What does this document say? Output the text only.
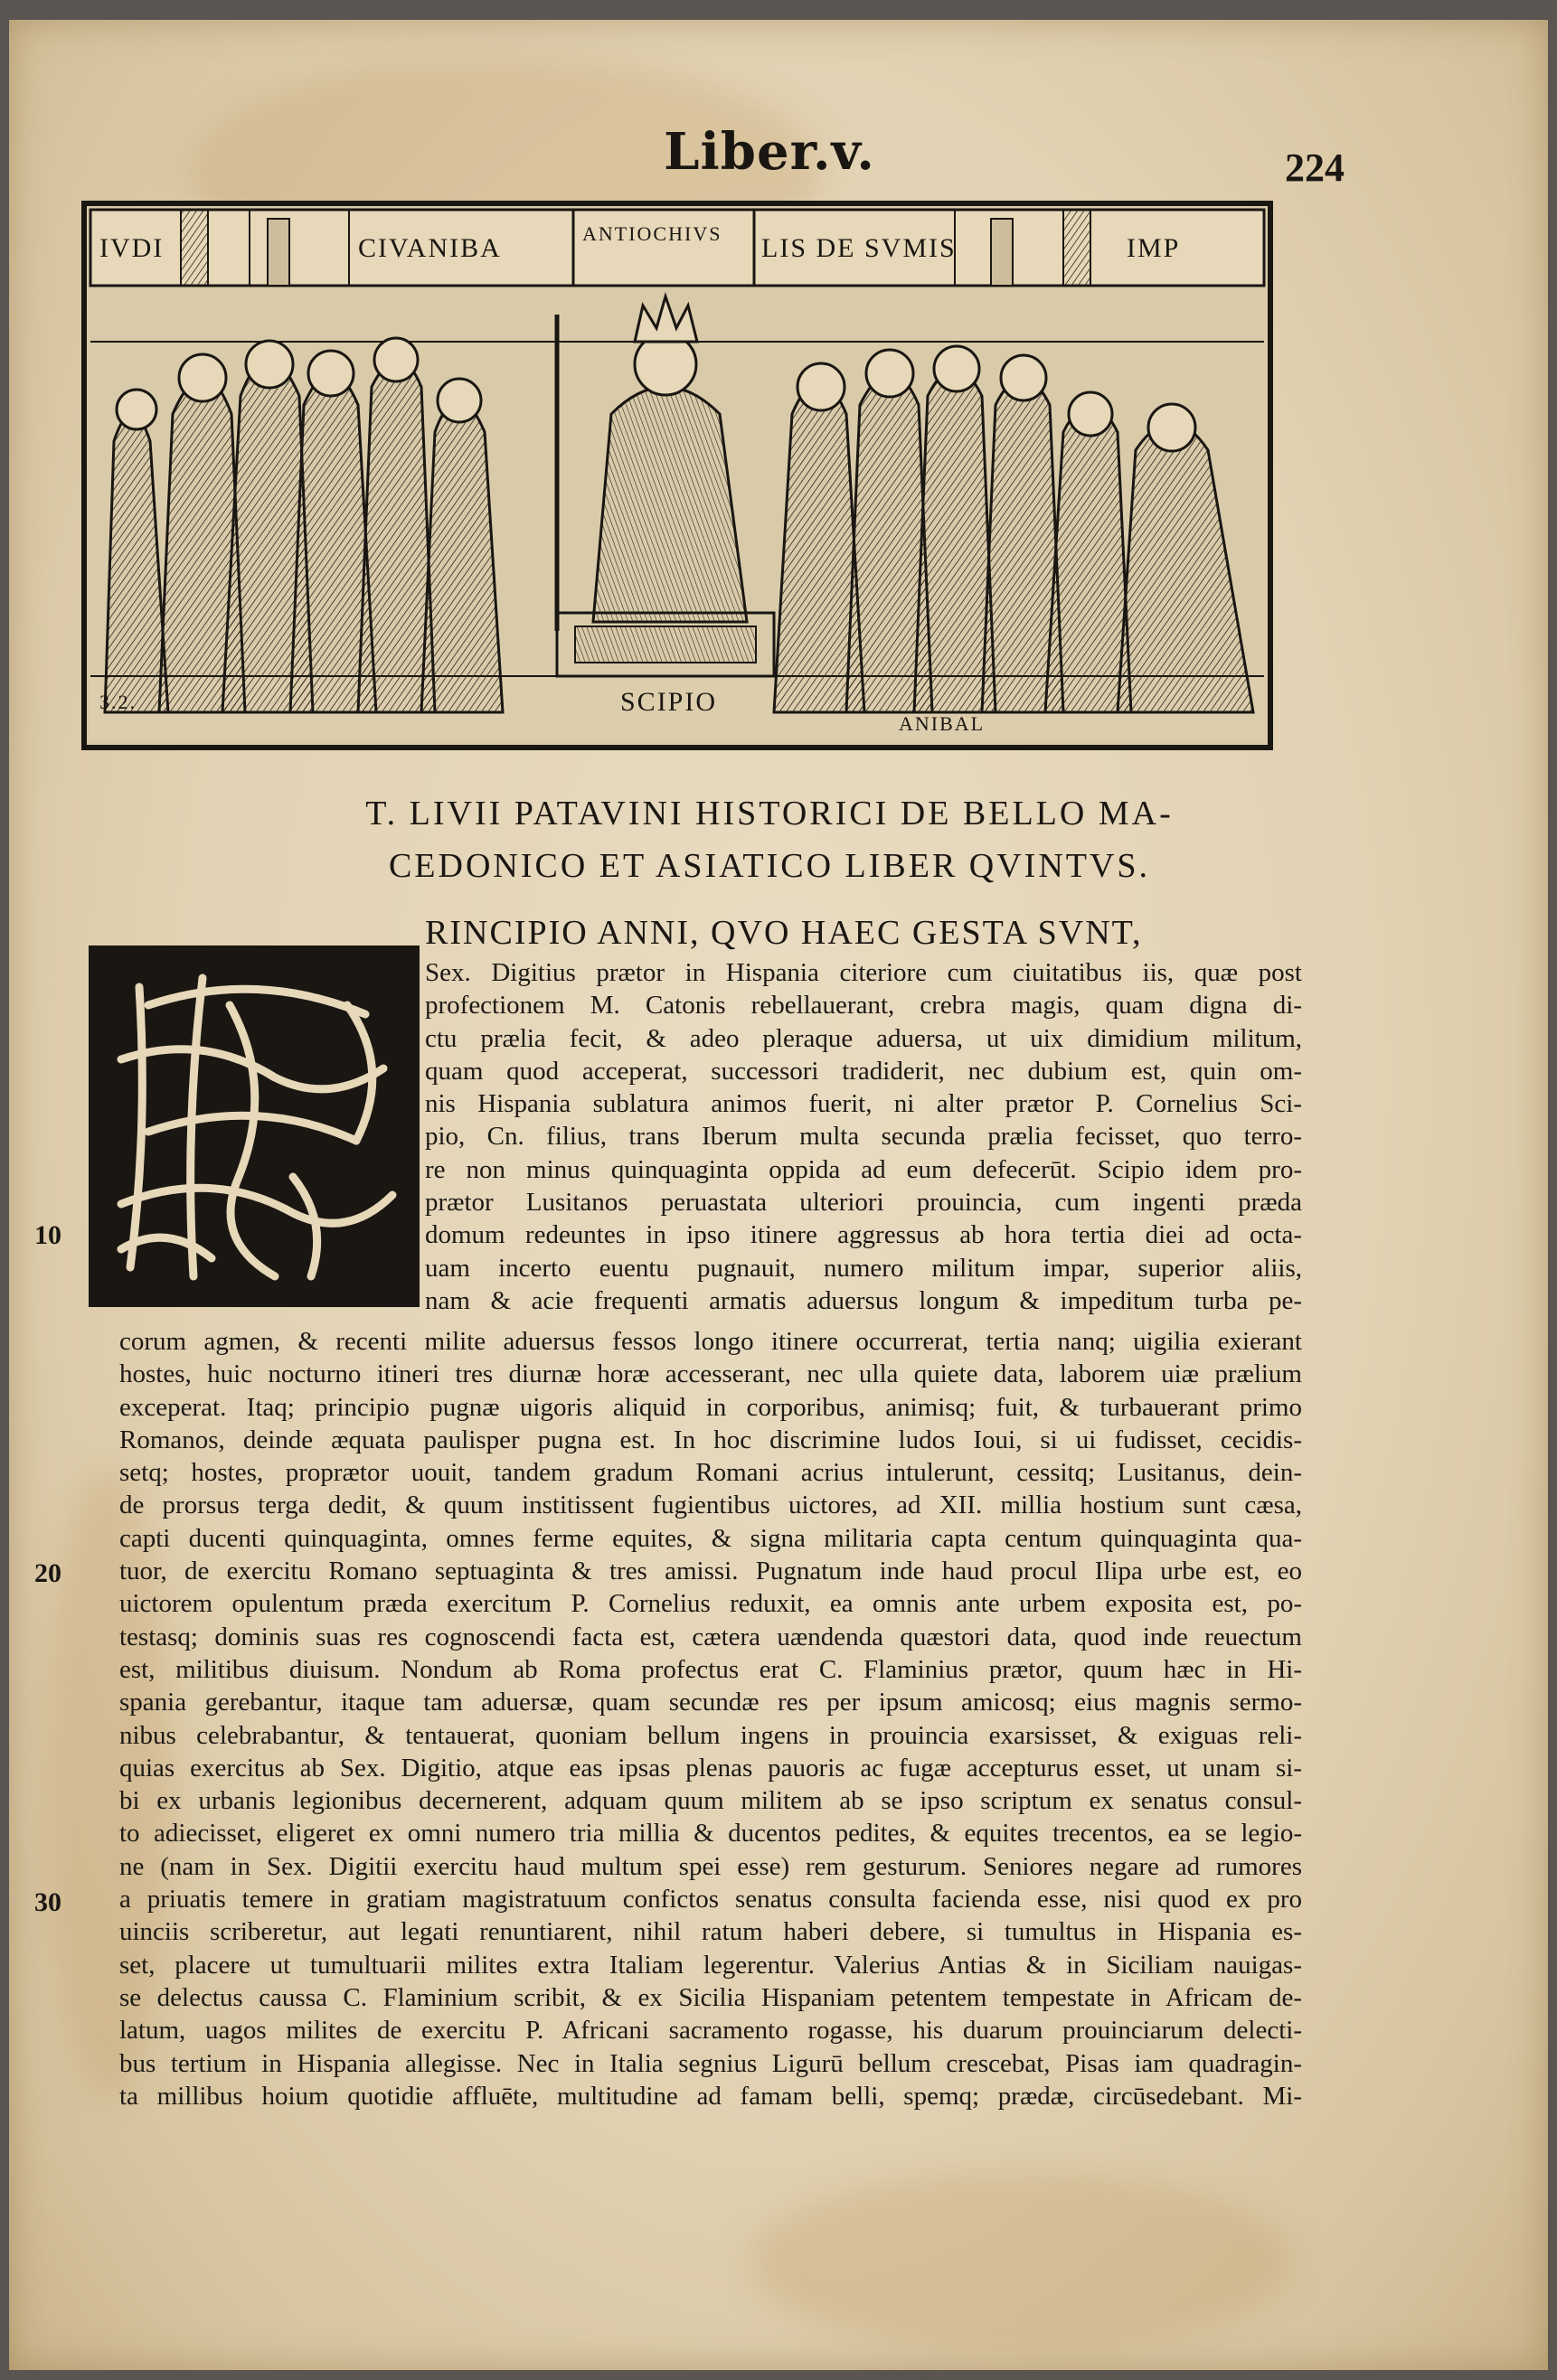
Liber.v.	224
IVDI	CIVANIBA	ANTIOCHIVS LIS DE SVMIS	IMP
3.2.	SCIPIO
ANIBAL
T. LIVII PATAVINI HISTORICI DE BELLO MA-
CEDONICO ET ASIATICO LIBER QVINTVS.
RINCIPIO ANNI, QVO HAEC GESTA SVNT,
Sex. Digitius prætor in Hispania citeriore cum ciuitatibus iis, quæ post
profectionem M. Catonis rebellauerant, crebra magis, quam digna di-
ctu prælia fecit, & adeo pleraque aduersa, ut uix dimidium militum,
quam quod acceperat, successori tradiderit, nec dubium est, quin om-
nis Hispania sublatura animos fuerit, ni alter prætor P. Cornelius Sci-
pio, Cn. filius, trans Iberum multa secunda prælia fecisset, quo terro-
re non minus quinquaginta oppida ad eum defecerūt. Scipio idem pro-
prætor Lusitanos peruastata ulteriori prouincia, cum ingenti præda
domum redeuntes in ipso itinere aggressus ab hora tertia diei ad octa-
uam incerto euentu pugnauit, numero militum impar, superior aliis,
nam & acie frequenti armatis aduersus longum & impeditum turba pe-
corum agmen, & recenti milite aduersus fessos longo itinere occurrerat, tertia nanq; uigilia exierant
hostes, huic nocturno itineri tres diurnæ horæ accesserant, nec ulla quiete data, laborem uiæ prælium
exceperat. Itaq; principio pugnæ uigoris aliquid in corporibus, animisq; fuit, & turbauerant primo
Romanos, deinde æquata paulisper pugna est. In hoc discrimine ludos Ioui, si ui fudisset, cecidis-
setq; hostes, proprætor uouit, tandem gradum Romani acrius intulerunt, cessitq; Lusitanus, dein-
de prorsus terga dedit, & quum institissent fugientibus uictores, ad XII. millia hostium sunt cæsa,
capti ducenti quinquaginta, omnes ferme equites, & signa militaria capta centum quinquaginta qua-
tuor, de exercitu Romano septuaginta & tres amissi. Pugnatum inde haud procul Ilipa urbe est, eo
uictorem opulentum præda exercitum P. Cornelius reduxit, ea omnis ante urbem exposita est, po-
testasq; dominis suas res cognoscendi facta est, cætera uændenda quæstori data, quod inde reuectum
est, militibus diuisum. Nondum ab Roma profectus erat C. Flaminius prætor, quum hæc in Hi-
spania gerebantur, itaque tam aduersæ, quam secundæ res per ipsum amicosq; eius magnis sermo-
nibus celebrabantur, & tentauerat, quoniam bellum ingens in prouincia exarsisset, & exiguas reli-
quias exercitus ab Sex. Digitio, atque eas ipsas plenas pauoris ac fugæ accepturus esset, ut unam si-
bi ex urbanis legionibus decernerent, adquam quum militem ab se ipso scriptum ex senatus consul-
to adiecisset, eligeret ex omni numero tria millia & ducentos pedites, & equites trecentos, ea se legio-
ne (nam in Sex. Digitii exercitu haud multum spei esse) rem gesturum. Seniores negare ad rumores
a priuatis temere in gratiam magistratuum confictos senatus consulta facienda esse, nisi quod ex pro
uinciis scriberetur, aut legati renuntiarent, nihil ratum haberi debere, si tumultus in Hispania es-
set, placere ut tumultuarii milites extra Italiam legerentur. Valerius Antias & in Siciliam nauigas-
se delectus caussa C. Flaminium scribit, & ex Sicilia Hispaniam petentem tempestate in Africam de-
latum, uagos milites de exercitu P. Africani sacramento rogasse, his duarum prouinciarum delecti-
bus tertium in Hispania allegisse. Nec in Italia segnius Ligurū bellum crescebat, Pisas iam quadragin-
ta millibus hoium quotidie affluēte, multitudine ad famam belli, spemq; prædæ, circūsedebant. Mi-
10
20
30
